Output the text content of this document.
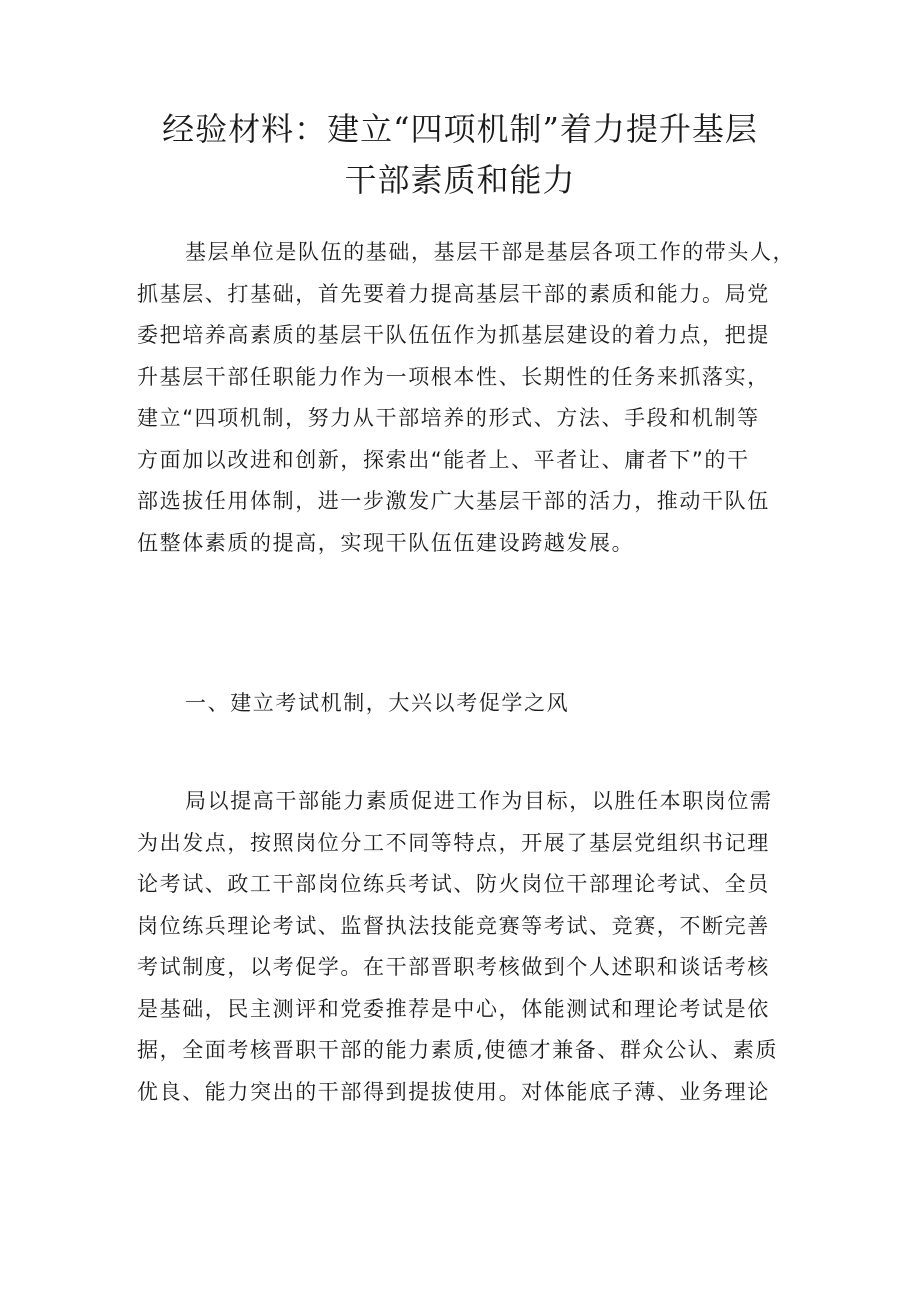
经验材料：建立“四项机制”着力提升基层
干部素质和能力

基层单位是队伍的基础，基层干部是基层各项工作的带头人，
抓基层、打基础，首先要着力提高基层干部的素质和能力。局党
委把培养高素质的基层干队伍伍作为抓基层建设的着力点，把提
升基层干部任职能力作为一项根本性、长期性的任务来抓落实，
建立“四项机制，努力从干部培养的形式、方法、手段和机制等
方面加以改进和创新，探索出“能者上、平者让、庸者下”的干
部选拔任用体制，进一步激发广大基层干部的活力，推动干队伍
伍整体素质的提高，实现干队伍伍建设跨越发展。

一、建立考试机制，大兴以考促学之风

局以提高干部能力素质促进工作为目标，以胜任本职岗位需
为出发点，按照岗位分工不同等特点，开展了基层党组织书记理
论考试、政工干部岗位练兵考试、防火岗位干部理论考试、全员
岗位练兵理论考试、监督执法技能竞赛等考试、竞赛，不断完善
考试制度，以考促学。在干部晋职考核做到个人述职和谈话考核
是基础，民主测评和党委推荐是中心，体能测试和理论考试是依
据，全面考核晋职干部的能力素质,使德才兼备、群众公认、素质
优良、能力突出的干部得到提拔使用。对体能底子薄、业务理论
